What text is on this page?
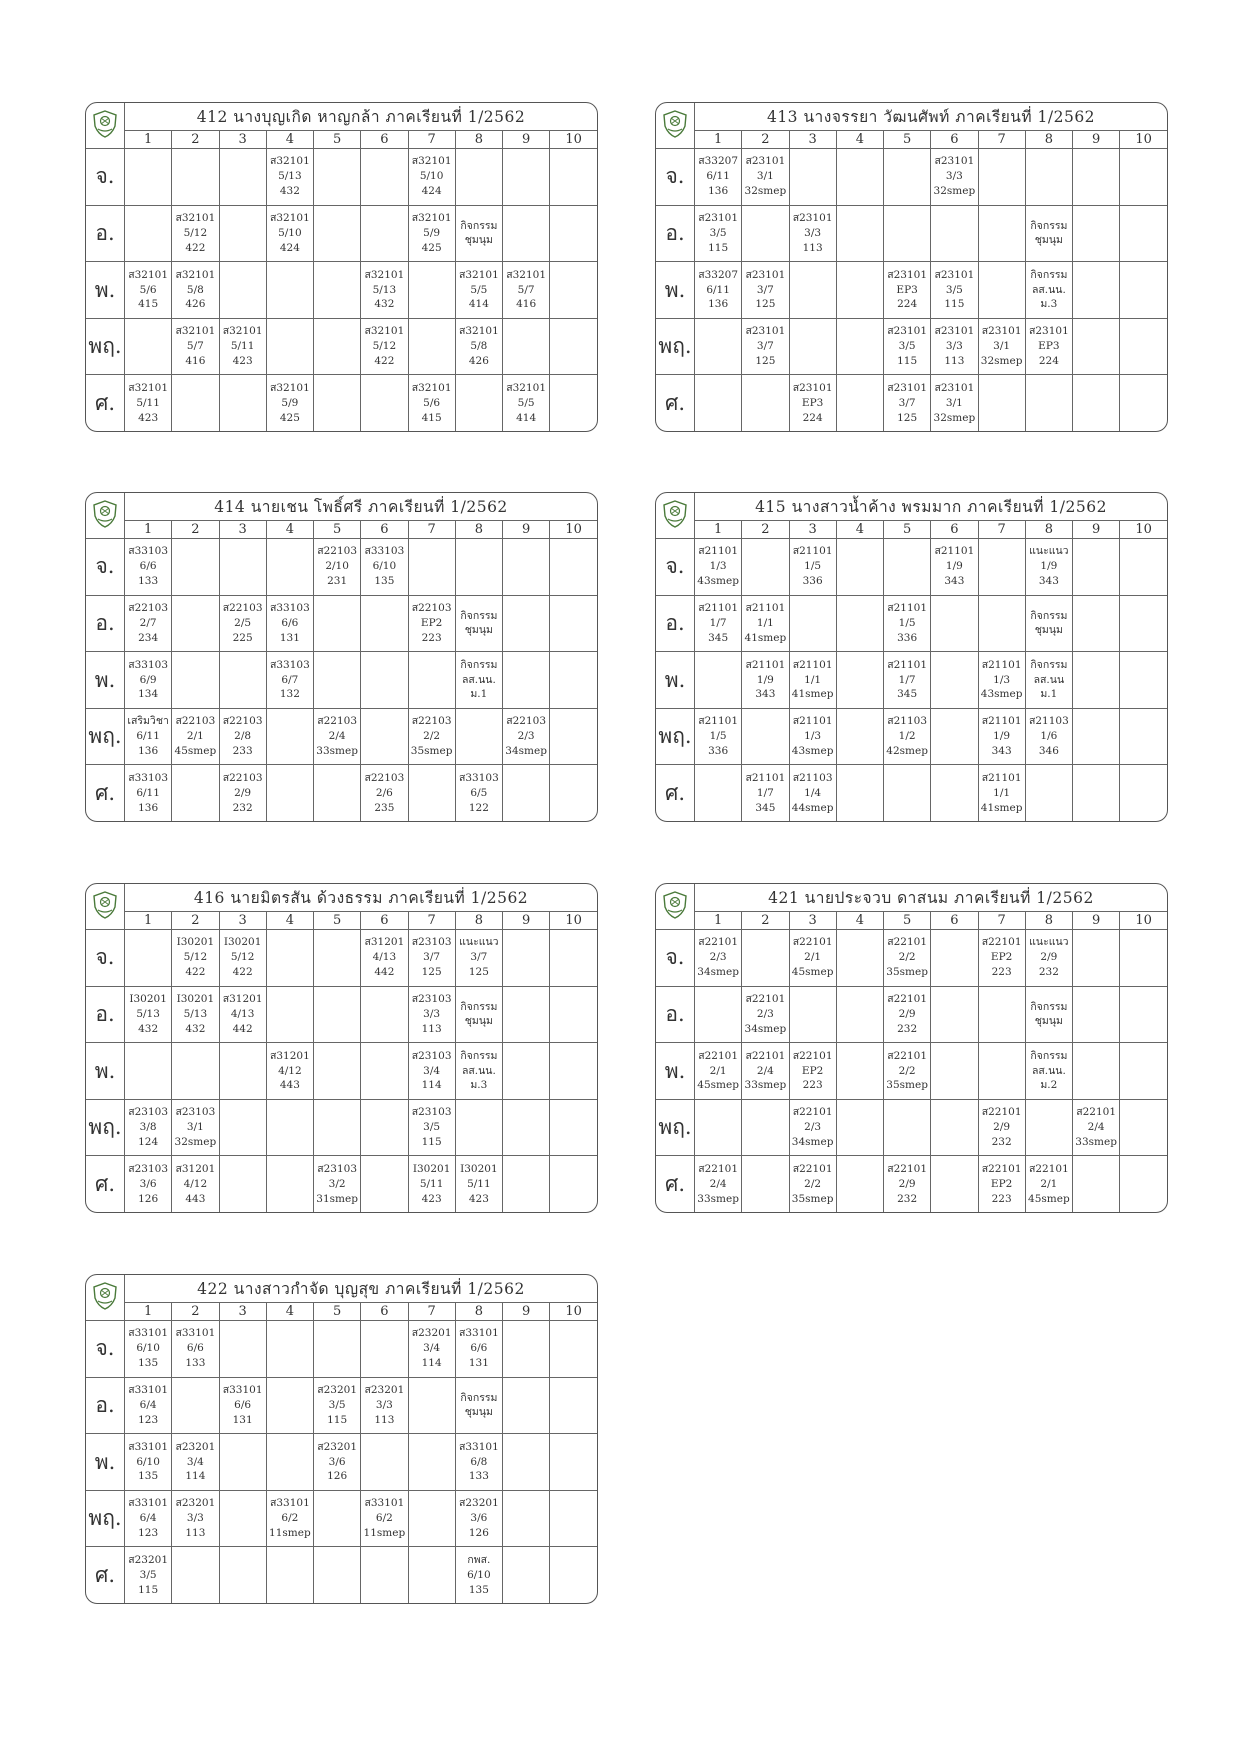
	412 นางบุญเกิด หาญกล้า ภาคเรียนที่ 1/2562									
	1	2	3	4	5	6	7	8	9	10
จ.				ส32101
5/13
432			ส32101
5/10
424			

อ.		ส32101
5/12
422		ส32101
5/10
424			ส32101
5/9
425	กิจกรรม
ชุมนุม		

พ.	ส32101
5/6
415	ส32101
5/8
426				ส32101
5/13
432		ส32101
5/5
414	ส32101
5/7
416	

พฤ.		ส32101
5/7
416	ส32101
5/11
423			ส32101
5/12
422		ส32101
5/8
426		

ศ.	ส32101
5/11
423			ส32101
5/9
425			ส32101
5/6
415		ส32101
5/5
414	

	413 นางจรรยา วัฒนศัพท์ ภาคเรียนที่ 1/2562									
	1	2	3	4	5	6	7	8	9	10
จ.	ส33207
6/11
136	ส23101
3/1
32smep				ส23101
3/3
32smep				

อ.	ส23101
3/5
115		ส23101
3/3
113					กิจกรรม
ชุมนุม		

พ.	ส33207
6/11
136	ส23101
3/7
125			ส23101
EP3
224	ส23101
3/5
115		กิจกรรม
ลส.นน.
ม.3		

พฤ.		ส23101
3/7
125			ส23101
3/5
115	ส23101
3/3
113	ส23101
3/1
32smep	ส23101
EP3
224		

ศ.			ส23101
EP3
224		ส23101
3/7
125	ส23101
3/1
32smep				

	414 นายเชน โพธิ์ศรี ภาคเรียนที่ 1/2562									
	1	2	3	4	5	6	7	8	9	10
จ.	ส33103
6/6
133				ส22103
2/10
231	ส33103
6/10
135				

อ.	ส22103
2/7
234		ส22103
2/5
225	ส33103
6/6
131			ส22103
EP2
223	กิจกรรม
ชุมนุม		

พ.	ส33103
6/9
134			ส33103
6/7
132				กิจกรรม
ลส.นน.
ม.1		

พฤ.	เสริมวิชา
6/11
136	ส22103
2/1
45smep	ส22103
2/8
233		ส22103
2/4
33smep		ส22103
2/2
35smep		ส22103
2/3
34smep	

ศ.	ส33103
6/11
136		ส22103
2/9
232			ส22103
2/6
235		ส33103
6/5
122		

	415 นางสาวน้ำค้าง พรมมาก ภาคเรียนที่ 1/2562									
	1	2	3	4	5	6	7	8	9	10
จ.	ส21101
1/3
43smep		ส21101
1/5
336			ส21101
1/9
343		แนะแนว
1/9
343		

อ.	ส21101
1/7
345	ส21101
1/1
41smep			ส21101
1/5
336			กิจกรรม
ชุมนุม		

พ.		ส21101
1/9
343	ส21101
1/1
41smep		ส21101
1/7
345		ส21101
1/3
43smep	กิจกรรม
ลส.นน
ม.1		

พฤ.	ส21101
1/5
336		ส21101
1/3
43smep		ส21103
1/2
42smep		ส21101
1/9
343	ส21103
1/6
346		

ศ.		ส21101
1/7
345	ส21103
1/4
44smep				ส21101
1/1
41smep			

	416 นายมิตรสัน ด้วงธรรม ภาคเรียนที่ 1/2562									
	1	2	3	4	5	6	7	8	9	10
จ.		I30201
5/12
422	I30201
5/12
422			ส31201
4/13
442	ส23103
3/7
125	แนะแนว
3/7
125		

อ.	I30201
5/13
432	I30201
5/13
432	ส31201
4/13
442				ส23103
3/3
113	กิจกรรม
ชุมนุม		

พ.				ส31201
4/12
443			ส23103
3/4
114	กิจกรรม
ลส.นน.
ม.3		

พฤ.	ส23103
3/8
124	ส23103
3/1
32smep					ส23103
3/5
115			

ศ.	ส23103
3/6
126	ส31201
4/12
443			ส23103
3/2
31smep		I30201
5/11
423	I30201
5/11
423		

	421 นายประจวบ ดาสนม ภาคเรียนที่ 1/2562									
	1	2	3	4	5	6	7	8	9	10
จ.	ส22101
2/3
34smep		ส22101
2/1
45smep		ส22101
2/2
35smep		ส22101
EP2
223	แนะแนว
2/9
232		

อ.		ส22101
2/3
34smep			ส22101
2/9
232			กิจกรรม
ชุมนุม		

พ.	ส22101
2/1
45smep	ส22101
2/4
33smep	ส22101
EP2
223		ส22101
2/2
35smep			กิจกรรม
ลส.นน.
ม.2		

พฤ.			ส22101
2/3
34smep				ส22101
2/9
232		ส22101
2/4
33smep	

ศ.	ส22101
2/4
33smep		ส22101
2/2
35smep		ส22101
2/9
232		ส22101
EP2
223	ส22101
2/1
45smep		

	422 นางสาวกำจัด บุญสุข ภาคเรียนที่ 1/2562									
	1	2	3	4	5	6	7	8	9	10
จ.	ส33101
6/10
135	ส33101
6/6
133					ส23201
3/4
114	ส33101
6/6
131		

อ.	ส33101
6/4
123		ส33101
6/6
131		ส23201
3/5
115	ส23201
3/3
113		กิจกรรม
ชุมนุม		

พ.	ส33101
6/10
135	ส23201
3/4
114			ส23201
3/6
126			ส33101
6/8
133		

พฤ.	ส33101
6/4
123	ส23201
3/3
113		ส33101
6/2
11smep		ส33101
6/2
11smep		ส23201
3/6
126		

ศ.	ส23201
3/5
115							กพส.
6/10
135		
